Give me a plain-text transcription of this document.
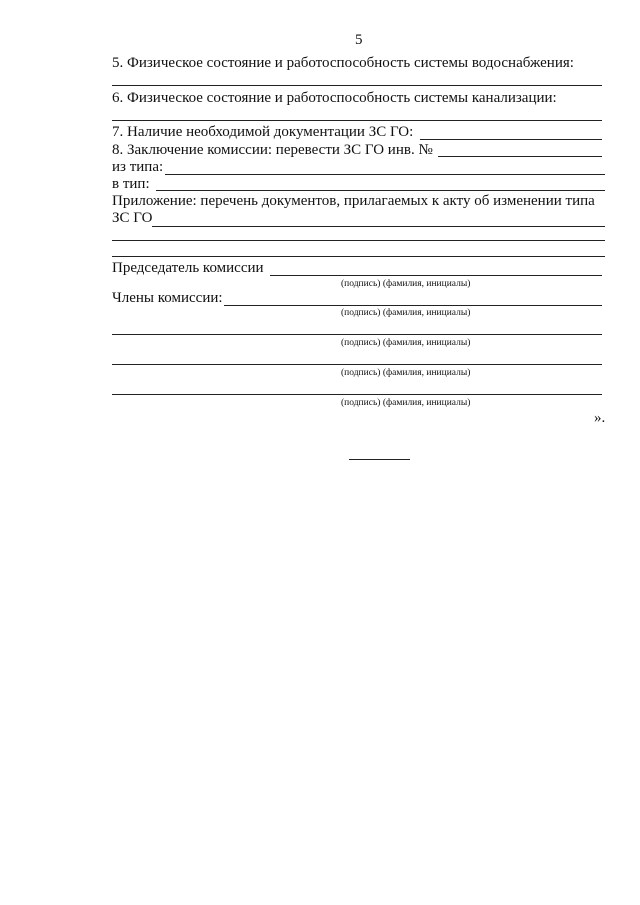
5
5. Физическое состояние и работоспособность системы водоснабжения:
6. Физическое состояние и работоспособность системы канализации:
7. Наличие необходимой документации ЗС ГО:
8. Заключение комиссии: перевести ЗС ГО инв. №
из типа:
в тип:
Приложение: перечень документов, прилагаемых к акту об изменении типа
ЗС ГО
Председатель комиссии
(подпись) (фамилия, инициалы)
Члены комиссии:
(подпись) (фамилия, инициалы)
(подпись) (фамилия, инициалы)
(подпись) (фамилия, инициалы)
(подпись) (фамилия, инициалы)
».
